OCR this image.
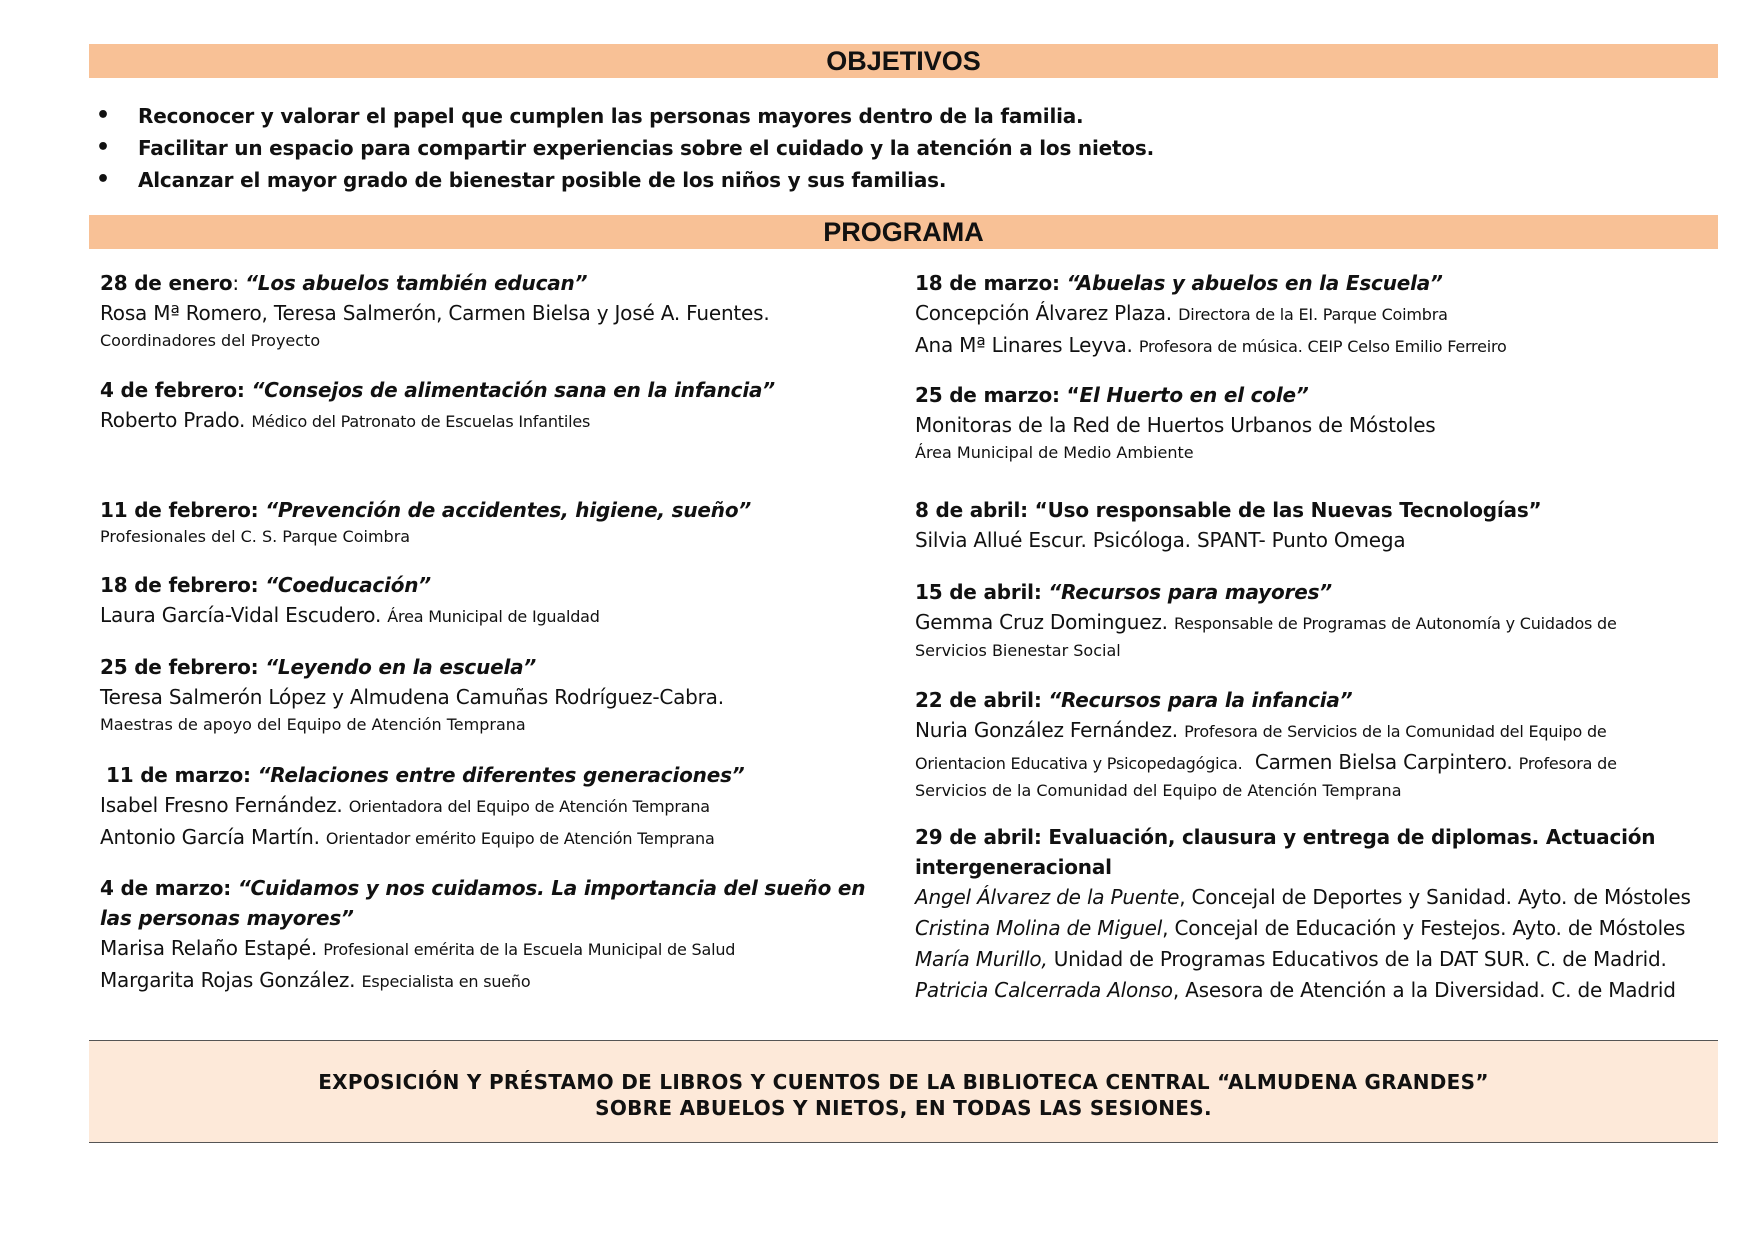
OBJETIVOS
• Reconocer y valorar el papel que cumplen las personas mayores dentro de la familia.
• Facilitar un espacio para compartir experiencias sobre el cuidado y la atención a los nietos.
• Alcanzar el mayor grado de bienestar posible de los niños y sus familias.
PROGRAMA
28 de enero: “Los abuelos también educan”
Rosa Mª Romero, Teresa Salmerón, Carmen Bielsa y José A. Fuentes.
Coordinadores del Proyecto
4 de febrero: “Consejos de alimentación sana en la infancia”
Roberto Prado. Médico del Patronato de Escuelas Infantiles
11 de febrero: “Prevención de accidentes, higiene, sueño”
Profesionales del C. S. Parque Coimbra
18 de febrero: “Coeducación”
Laura García-Vidal Escudero. Área Municipal de Igualdad
25 de febrero: “Leyendo en la escuela”
Teresa Salmerón López y Almudena Camuñas Rodríguez-Cabra.
Maestras de apoyo del Equipo de Atención Temprana
11 de marzo: “Relaciones entre diferentes generaciones”
Isabel Fresno Fernández. Orientadora del Equipo de Atención Temprana
Antonio García Martín. Orientador emérito Equipo de Atención Temprana
4 de marzo: “Cuidamos y nos cuidamos. La importancia del sueño en las personas mayores”
Marisa Relaño Estapé. Profesional emérita de la Escuela Municipal de Salud
Margarita Rojas González. Especialista en sueño
18 de marzo: “Abuelas y abuelos en la Escuela”
Concepción Álvarez Plaza. Directora de la EI. Parque Coimbra
Ana Mª Linares Leyva. Profesora de música. CEIP Celso Emilio Ferreiro
25 de marzo: “El Huerto en el cole”
Monitoras de la Red de Huertos Urbanos de Móstoles
Área Municipal de Medio Ambiente
8 de abril: “Uso responsable de las Nuevas Tecnologías”
Silvia Allué Escur. Psicóloga. SPANT- Punto Omega
15 de abril: “Recursos para mayores”
Gemma Cruz Dominguez. Responsable de Programas de Autonomía y Cuidados de
Servicios Bienestar Social
22 de abril: “Recursos para la infancia”
Nuria González Fernández. Profesora de Servicios de la Comunidad del Equipo de
Orientacion Educativa y Psicopedagógica. Carmen Bielsa Carpintero. Profesora de
Servicios de la Comunidad del Equipo de Atención Temprana
29 de abril: Evaluación, clausura y entrega de diplomas. Actuación intergeneracional
Angel Álvarez de la Puente, Concejal de Deportes y Sanidad. Ayto. de Móstoles
Cristina Molina de Miguel, Concejal de Educación y Festejos. Ayto. de Móstoles
María Murillo, Unidad de Programas Educativos de la DAT SUR. C. de Madrid.
Patricia Calcerrada Alonso, Asesora de Atención a la Diversidad. C. de Madrid
EXPOSICIÓN Y PRÉSTAMO DE LIBROS Y CUENTOS DE LA BIBLIOTECA CENTRAL “ALMUDENA GRANDES”
SOBRE ABUELOS Y NIETOS, EN TODAS LAS SESIONES.
